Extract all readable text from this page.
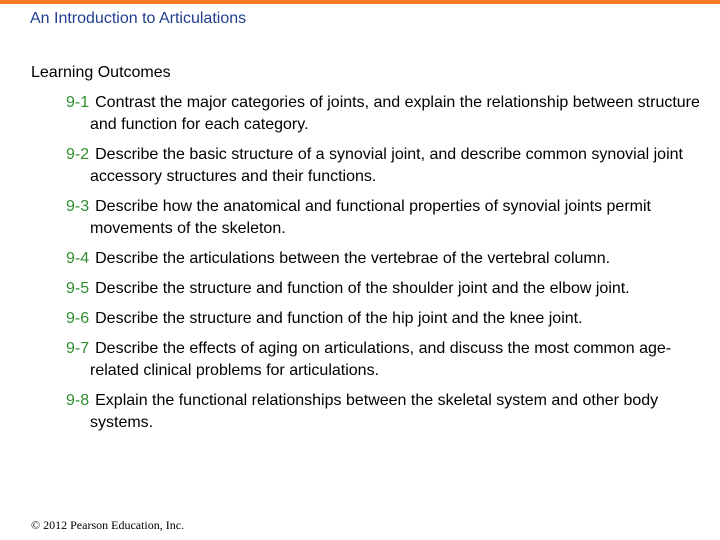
An Introduction to Articulations
Learning Outcomes
9-1 Contrast the major categories of joints, and explain the relationship between structure and function for each category.
9-2 Describe the basic structure of a synovial joint, and describe common synovial joint accessory structures and their functions.
9-3 Describe how the anatomical and functional properties of synovial joints permit movements of the skeleton.
9-4 Describe the articulations between the vertebrae of the vertebral column.
9-5 Describe the structure and function of the shoulder joint and the elbow joint.
9-6 Describe the structure and function of the hip joint and the knee joint.
9-7 Describe the effects of aging on articulations, and discuss the most common age-related clinical problems for articulations.
9-8 Explain the functional relationships between the skeletal system and other body systems.
© 2012 Pearson Education, Inc.
